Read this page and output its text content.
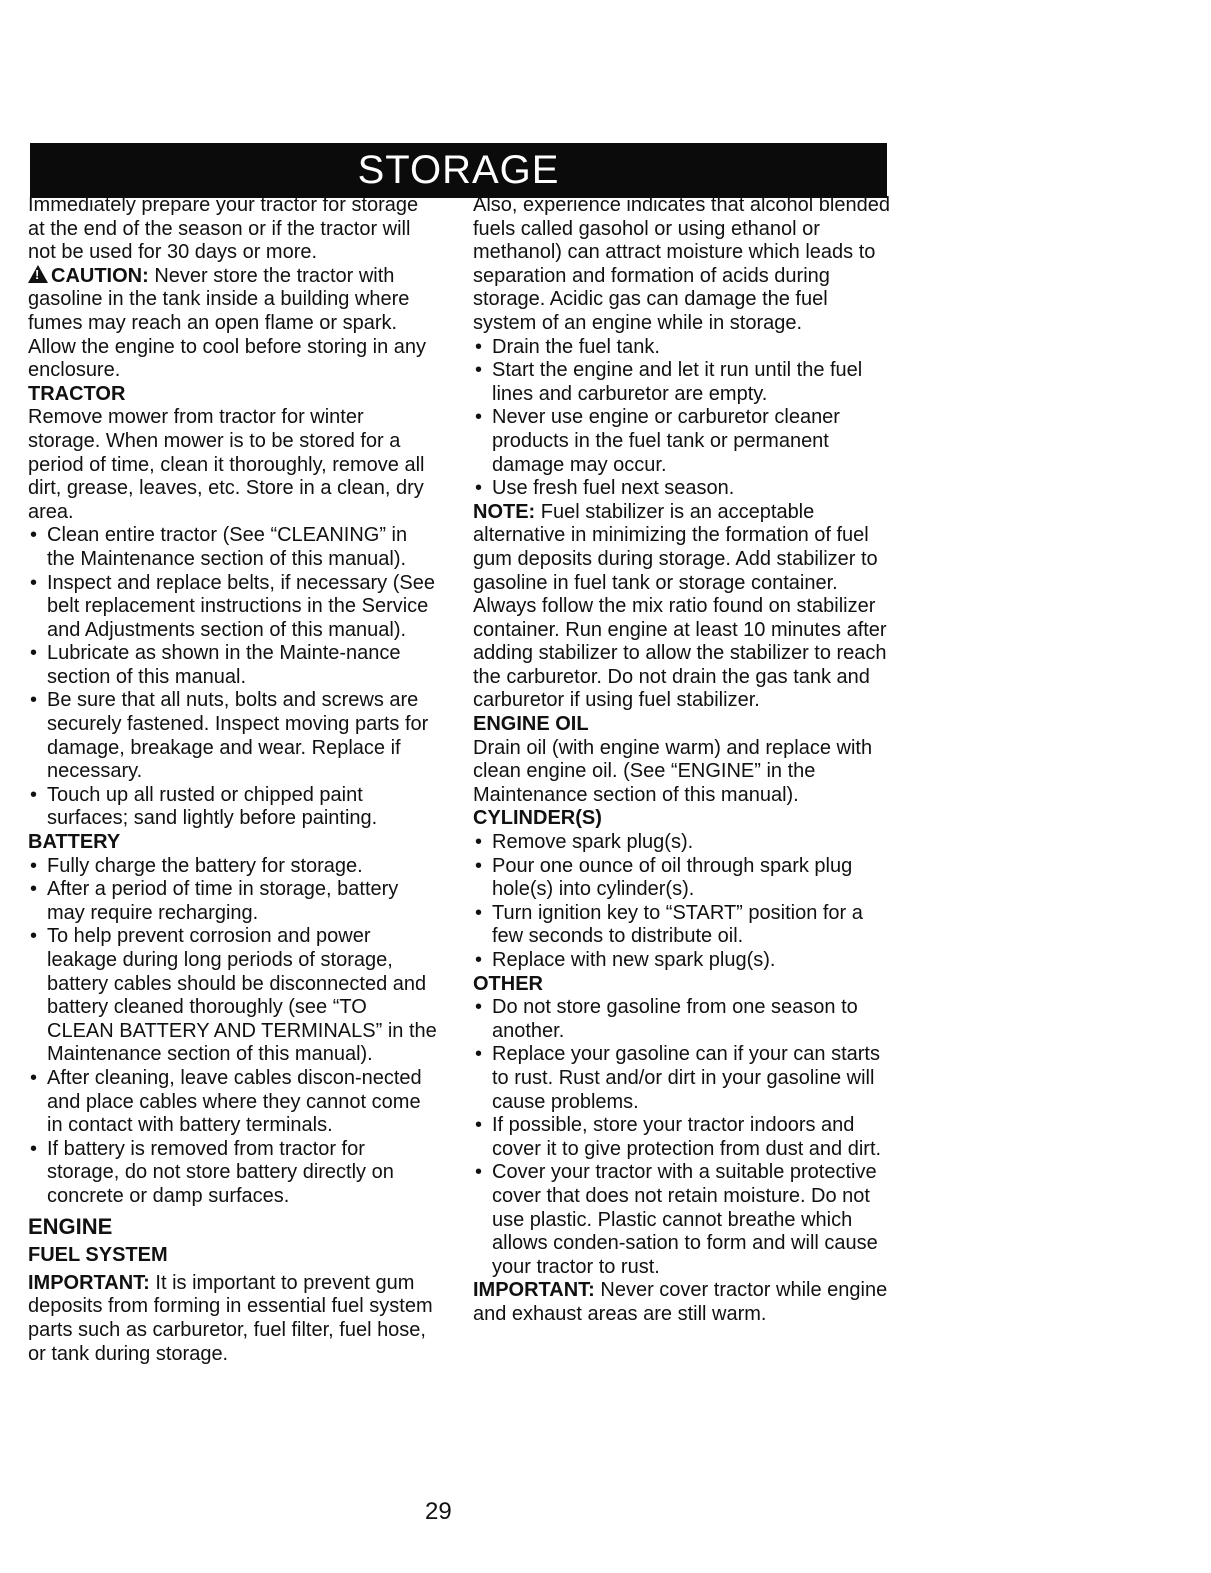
STORAGE

Immediately prepare your tractor for storage at the end of the season or if the tractor will not be used for 30 days or more.

!CAUTION: Never store the tractor with gasoline in the tank inside a building where fumes may reach an open flame or spark. Allow the engine to cool before storing in any enclosure.

TRACTOR

Remove mower from tractor for winter storage. When mower is to be stored for a period of time, clean it thoroughly, remove all dirt, grease, leaves, etc. Store in a clean, dry area.

• Clean entire tractor (See “CLEANING” in the Maintenance section of this manual).
• Inspect and replace belts, if necessary (See belt replacement instructions in the Service and Adjustments section of this manual).
• Lubricate as shown in the Mainte-nance section of this manual.
• Be sure that all nuts, bolts and screws are securely fastened. Inspect moving parts for damage, breakage and wear. Replace if necessary.
• Touch up all rusted or chipped paint surfaces; sand lightly before painting.

BATTERY

• Fully charge the battery for storage.
• After a period of time in storage, battery may require recharging.
• To help prevent corrosion and power leakage during long periods of storage, battery cables should be disconnected and battery cleaned thoroughly (see “TO CLEAN BATTERY AND TERMINALS” in the Maintenance section of this manual).
• After cleaning, leave cables discon-nected and place cables where they cannot come in contact with battery terminals.
• If battery is removed from tractor for storage, do not store battery directly on concrete or damp surfaces.

ENGINE

FUEL SYSTEM

IMPORTANT: It is important to prevent gum deposits from forming in essential fuel system parts such as carburetor, fuel filter, fuel hose, or tank during storage.

Also, experience indicates that alcohol blended fuels called gasohol or using ethanol or methanol) can attract moisture which leads to separation and formation of acids during storage. Acidic gas can damage the fuel system of an engine while in storage.

• Drain the fuel tank.
• Start the engine and let it run until the fuel lines and carburetor are empty.
• Never use engine or carburetor cleaner products in the fuel tank or permanent damage may occur.
• Use fresh fuel next season.

NOTE: Fuel stabilizer is an acceptable alternative in minimizing the formation of fuel gum deposits during storage. Add stabilizer to gasoline in fuel tank or storage container. Always follow the mix ratio found on stabilizer container. Run engine at least 10 minutes after adding stabilizer to allow the stabilizer to reach the carburetor. Do not drain the gas tank and carburetor if using fuel stabilizer.

ENGINE OIL

Drain oil (with engine warm) and replace with clean engine oil. (See “ENGINE” in the Maintenance section of this manual).

CYLINDER(S)

• Remove spark plug(s).
• Pour one ounce of oil through spark plug hole(s) into cylinder(s).
• Turn ignition key to “START” position for a few seconds to distribute oil.
• Replace with new spark plug(s).

OTHER

• Do not store gasoline from one season to another.
• Replace your gasoline can if your can starts to rust. Rust and/or dirt in your gasoline will cause problems.
• If possible, store your tractor indoors and cover it to give protection from dust and dirt.
• Cover your tractor with a suitable protective cover that does not retain moisture. Do not use plastic. Plastic cannot breathe which allows conden-sation to form and will cause your tractor to rust.

IMPORTANT: Never cover tractor while engine and exhaust areas are still warm.

29
